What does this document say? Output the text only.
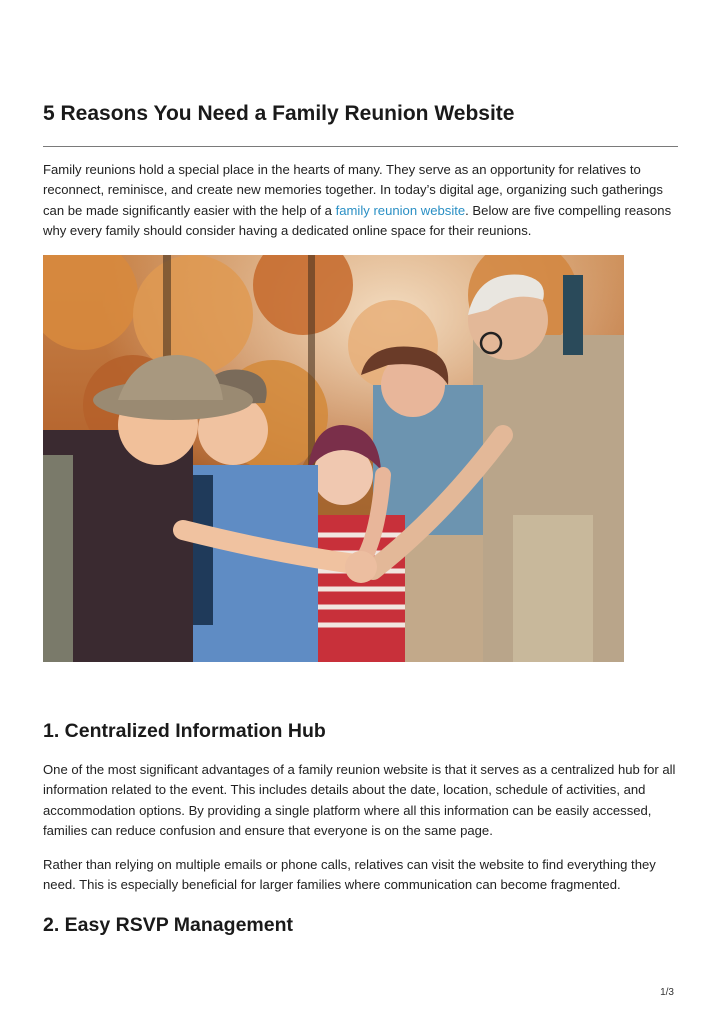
5 Reasons You Need a Family Reunion Website

Family reunions hold a special place in the hearts of many. They serve as an opportunity for relatives to reconnect, reminisce, and create new memories together. In today’s digital age, organizing such gatherings can be made significantly easier with the help of a family reunion website. Below are five compelling reasons why every family should consider having a dedicated online space for their reunions.

1. Centralized Information Hub

One of the most significant advantages of a family reunion website is that it serves as a centralized hub for all information related to the event. This includes details about the date, location, schedule of activities, and accommodation options. By providing a single platform where all this information can be easily accessed, families can reduce confusion and ensure that everyone is on the same page.

Rather than relying on multiple emails or phone calls, relatives can visit the website to find everything they need. This is especially beneficial for larger families where communication can become fragmented.

2. Easy RSVP Management
1/3
